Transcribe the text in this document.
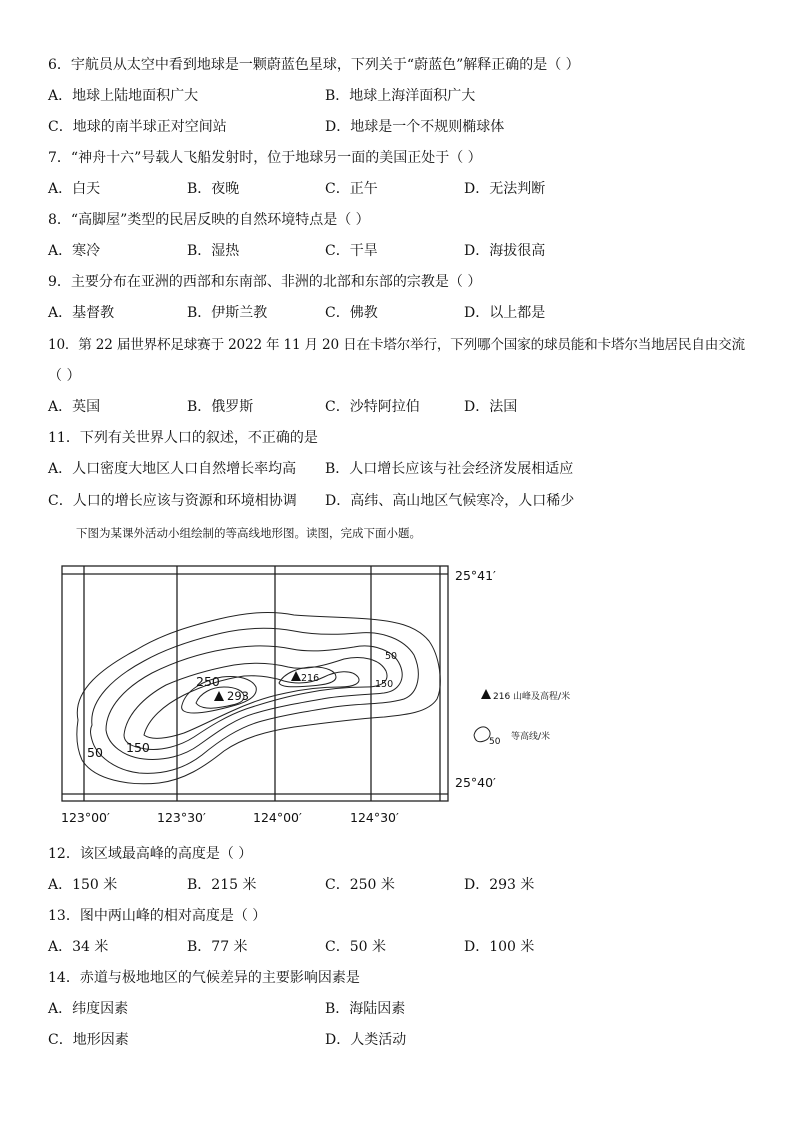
6．宇航员从太空中看到地球是一颗蔚蓝色星球，下列关于“蔚蓝色”解释正确的是（ ）
A．地球上陆地面积广大	B．地球上海洋面积广大
C．地球的南半球正对空间站	D．地球是一个不规则椭球体
7．“神舟十六”号载人飞船发射时，位于地球另一面的美国正处于（ ）
A．白天	B．夜晚	C．正午	D．无法判断
8．“高脚屋”类型的民居反映的自然环境特点是（ ）
A．寒冷	B．湿热	C．干旱	D．海拔很高
9．主要分布在亚洲的西部和东南部、非洲的北部和东部的宗教是（ ）
A．基督教	B．伊斯兰教	C．佛教	D．以上都是
10．第 22 届世界杯足球赛于 2022 年 11 月 20 日在卡塔尔举行，下列哪个国家的球员能和卡塔尔当地居民自由交流
（ ）
A．英国	B．俄罗斯	C．沙特阿拉伯	D．法国
11．下列有关世界人口的叙述，不正确的是
A．人口密度大地区人口自然增长率均高 B．人口增长应该与社会经济发展相适应
C．人口的增长应该与资源和环境相协调 D．高纬、高山地区气候寒冷，人口稀少
下图为某课外活动小组绘制的等高线地形图。读图，完成下面小题。
293
216
250
150
50
50
150
25°41′
25°40′
123°00′	123°30′	124°00′	124°30′
216 山峰及高程/米
50 等高线/米
12．该区域最高峰的高度是（ ）
A．150 米	B．215 米	C．250 米	D．293 米
13．图中两山峰的相对高度是（ ）
A．34 米	B．77 米	C．50 米	D．100 米
14．赤道与极地地区的气候差异的主要影响因素是
A．纬度因素	B．海陆因素
C．地形因素	D．人类活动
